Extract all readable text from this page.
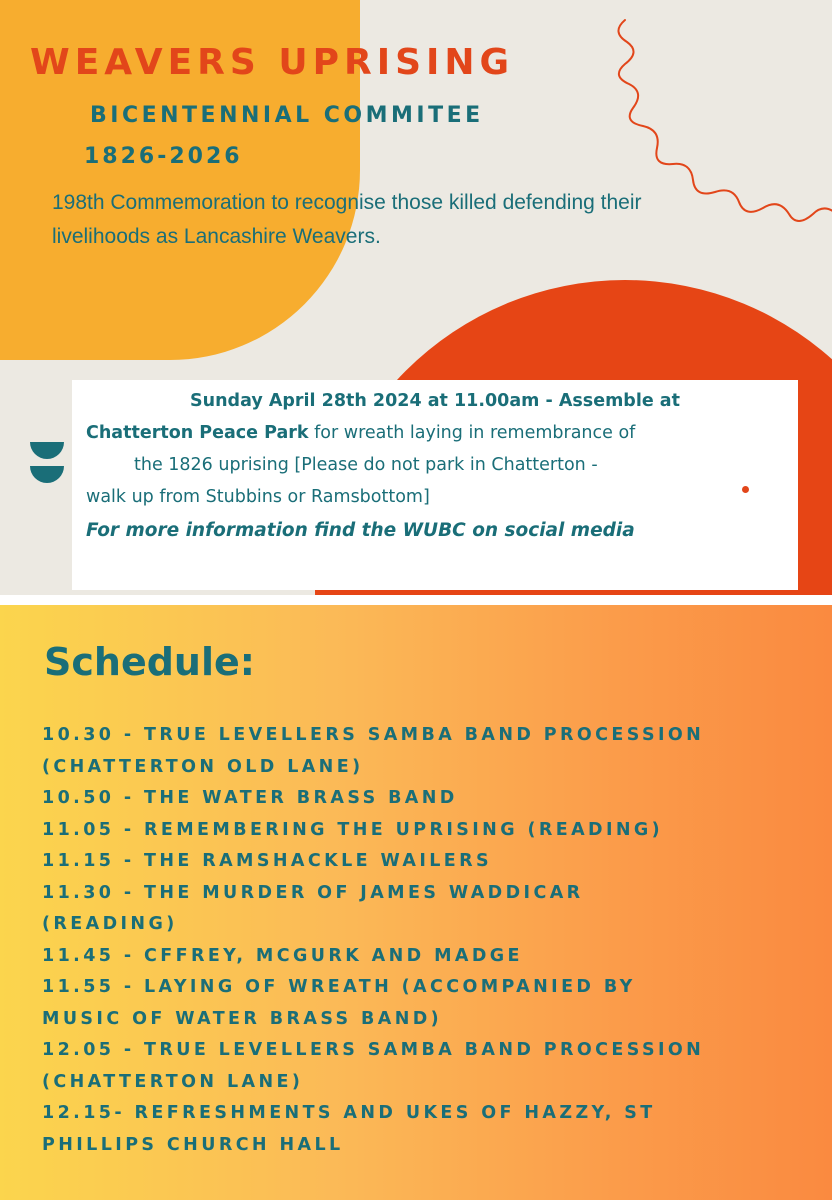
WEAVERS UPRISING
BICENTENNIAL COMMITEE
1826-2026

198th Commemoration to recognise those killed defending their livelihoods as Lancashire Weavers.

Sunday April 28th 2024 at 11.00am - Assemble at

Chatterton Peace Park for wreath laying in remembrance of

the 1826 uprising [Please do not park in Chatterton -

walk up from Stubbins or Ramsbottom]

For more information find the WUBC on social media

Schedule:
10.30 - TRUE LEVELLERS SAMBA BAND PROCESSION
(CHATTERTON OLD LANE)
10.50 - THE WATER BRASS BAND
11.05 - REMEMBERING THE UPRISING (READING)
11.15 - THE RAMSHACKLE WAILERS
11.30 - THE MURDER OF JAMES WADDICAR
(READING)
11.45 - CFFREY, MCGURK AND MADGE
11.55 - LAYING OF WREATH (ACCOMPANIED BY
MUSIC OF WATER BRASS BAND)
12.05 - TRUE LEVELLERS SAMBA BAND PROCESSION
(CHATTERTON LANE)
12.15- REFRESHMENTS AND UKES OF HAZZY, ST
PHILLIPS CHURCH HALL
